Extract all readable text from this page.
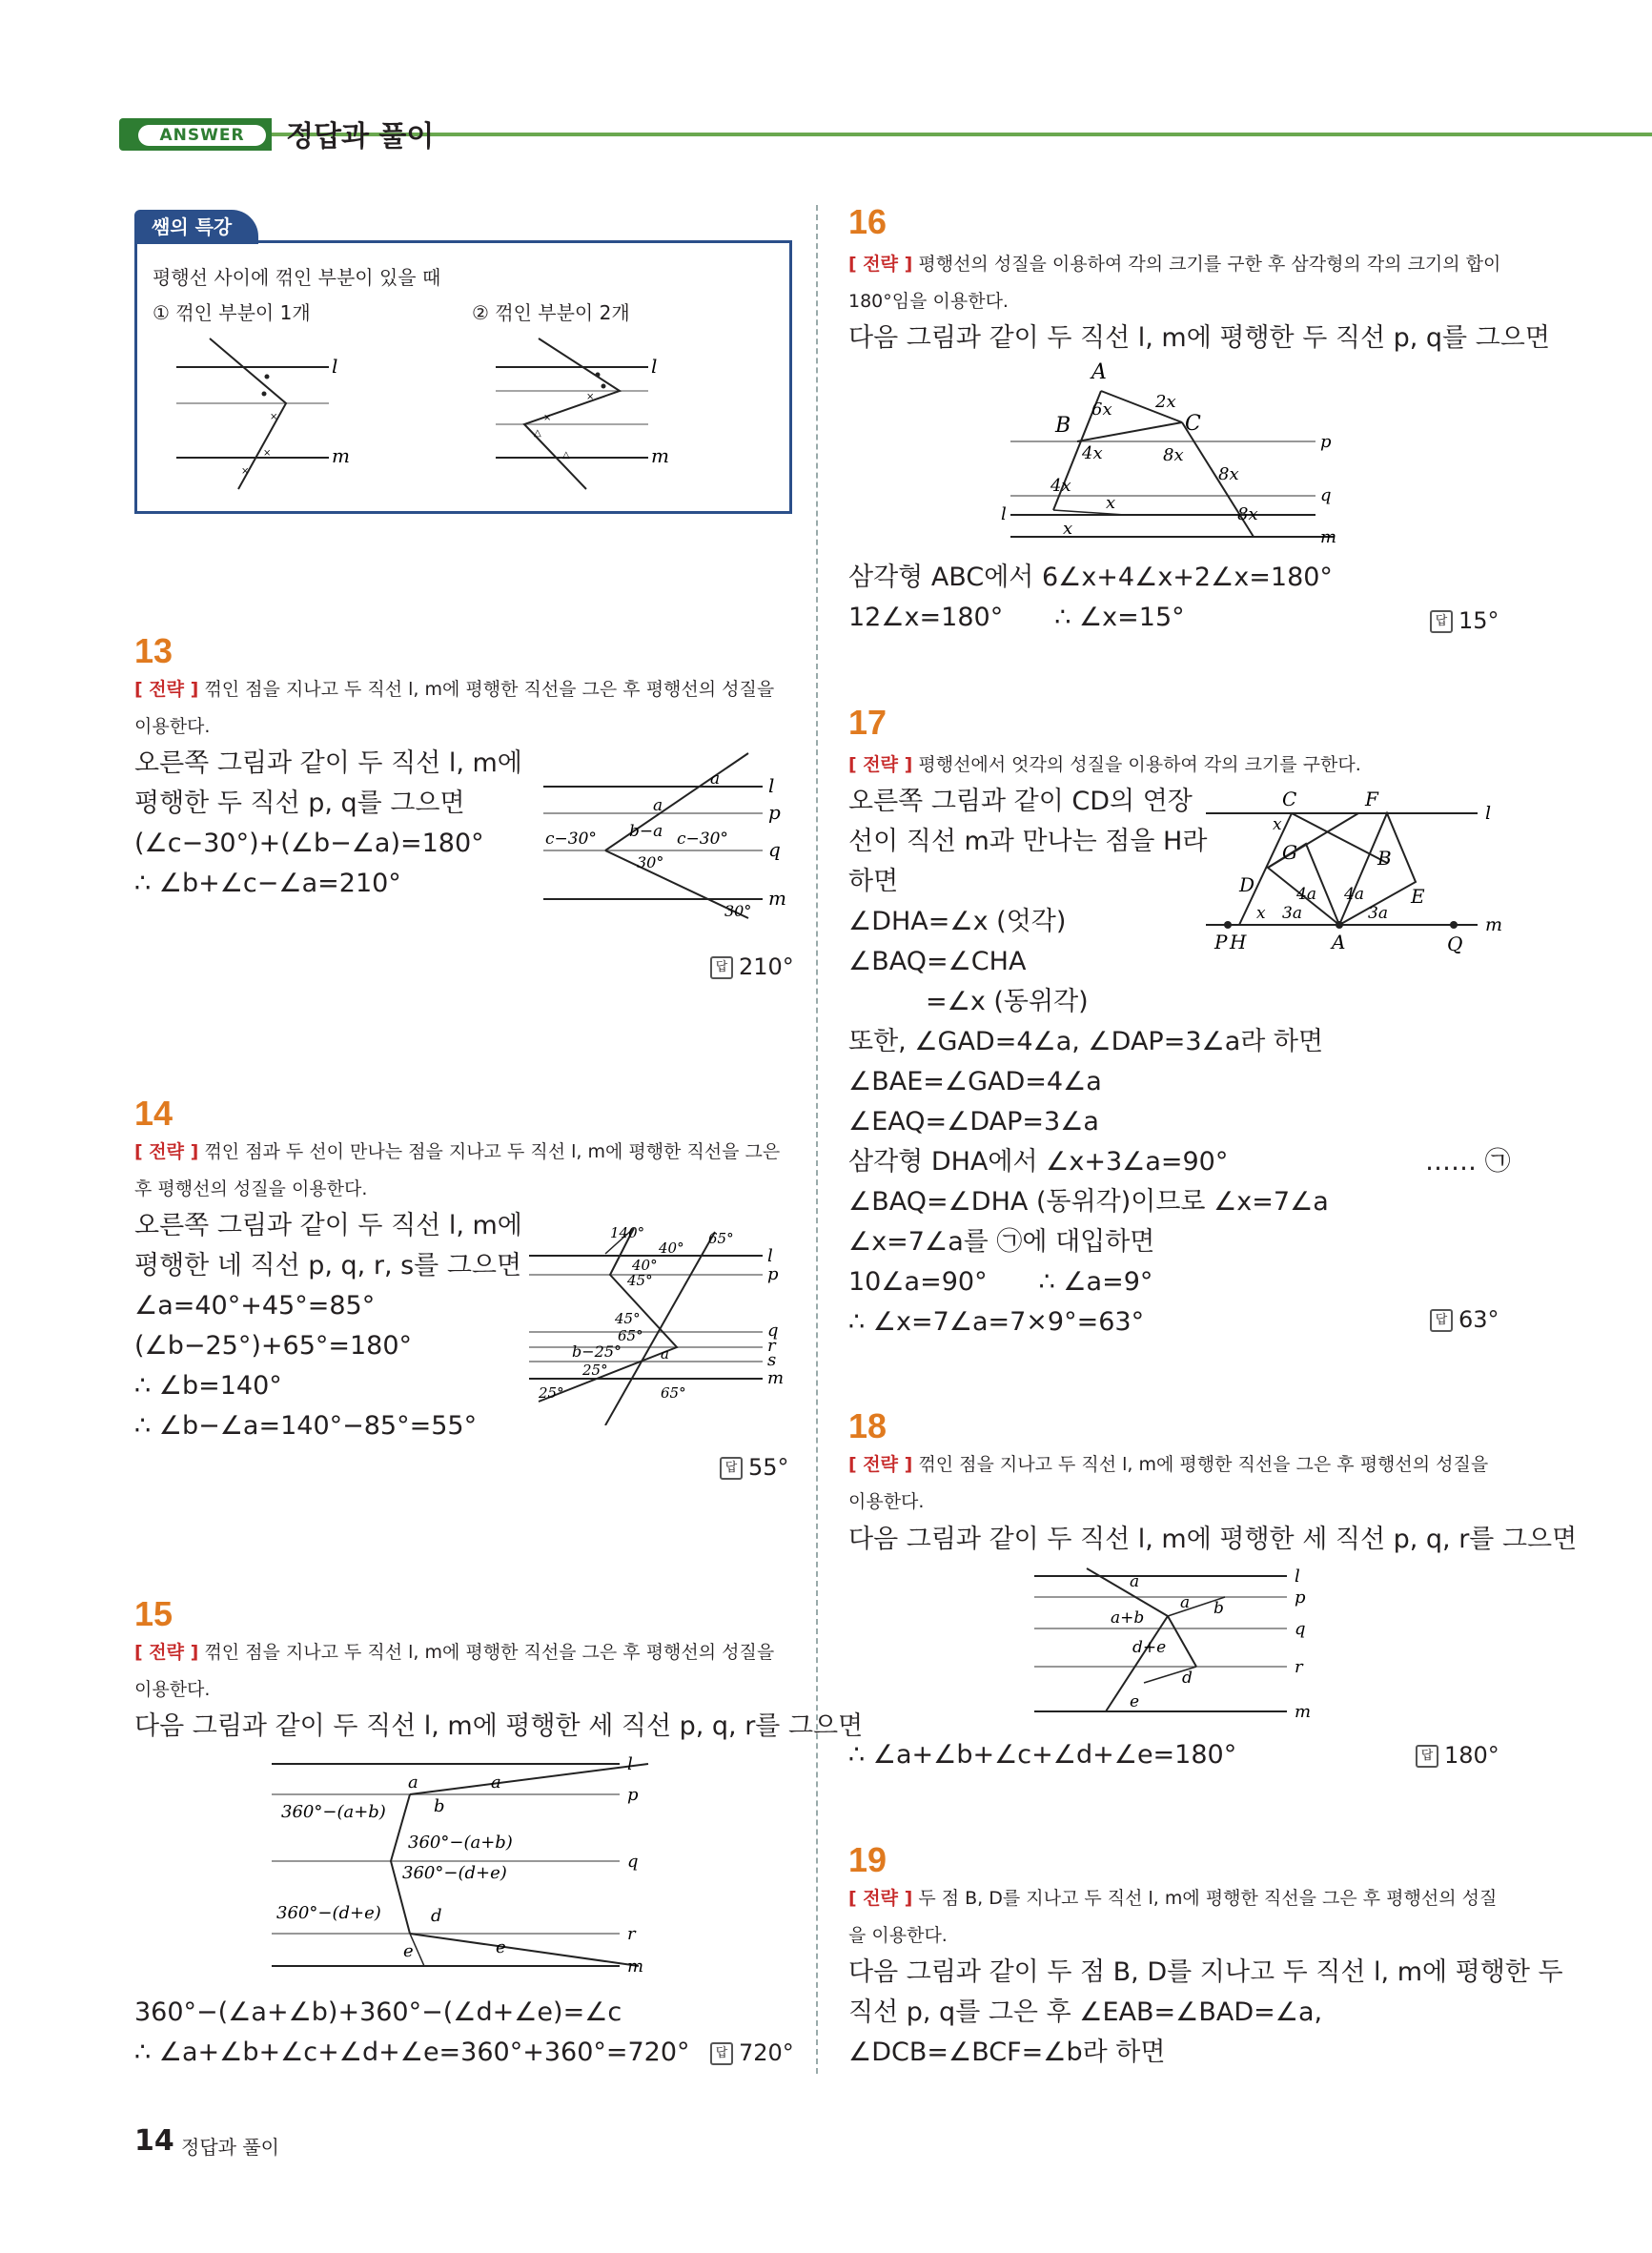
ANSWER	정답과 풀이
쌤의 특강
평행선 사이에 꺾인 부분이 있을 때
① 꺾인 부분이 1개	② 꺾인 부분이 2개
×
×
×
l
m
×
×
△
△
l
m
13
[ 전략 ] 꺾인 점을 지나고 두 직선 l, m에 평행한 직선을 그은 후 평행선의 성질을 이용한다.
오른쪽 그림과 같이 두 직선 l, m에
평행한 두 직선 p, q를 그으면
(∠c−30°)+(∠b−∠a)=180°
∴ ∠b+∠c−∠a=210°
a
a
b−a
c−30°	c−30°
30°
30°
l
p
q
m
답 210°
14
[ 전략 ] 꺾인 점과 두 선이 만나는 점을 지나고 두 직선 l, m에 평행한 직선을 그은 후 평행선의 성질을 이용한다.
오른쪽 그림과 같이 두 직선 l, m에
평행한 네 직선 p, q, r, s를 그으면
∠a=40°+45°=85°
(∠b−25°)+65°=180°
∴ ∠b=140°
∴ ∠b−∠a=140°−85°=55°
140°
40°
65°
40°
45°
45°
65°
b−25°
25°
25°	65°
a
l
p
q
r
s
m
답 55°
15
[ 전략 ] 꺾인 점을 지나고 두 직선 l, m에 평행한 직선을 그은 후 평행선의 성질을 이용한다.
다음 그림과 같이 두 직선 l, m에 평행한 세 직선 p, q, r를 그으면
a	a
b
360°−(a+b)
360°−(a+b)
360°−(d+e)
360°−(d+e)	d
e	e
l
p
q
r
m
360°−(∠a+∠b)+360°−(∠d+∠e)=∠c
∴ ∠a+∠b+∠c+∠d+∠e=360°+360°=720°	답 720°
16
[ 전략 ] 평행선의 성질을 이용하여 각의 크기를 구한 후 삼각형의 각의 크기의 합이 180°임을 이용한다.
다음 그림과 같이 두 직선 l, m에 평행한 두 직선 p, q를 그으면
A
B	C
6x	2x
4x	8x
8x
4x
8x
x
x
l
p
q
m
삼각형 ABC에서 6∠x+4∠x+2∠x=180°
12∠x=180°　　∴ ∠x=15°	답 15°
17
[ 전략 ] 평행선에서 엇각의 성질을 이용하여 각의 크기를 구한다.
오른쪽 그림과 같이 CD의 연장
선이 직선 m과 만나는 점을 H라
하면
∠DHA=∠x (엇각)
∠BAQ=∠CHA
　　　=∠x (동위각)
또한, ∠GAD=4∠a, ∠DAP=3∠a라 하면
∠BAE=∠GAD=4∠a
∠EAQ=∠DAP=3∠a
삼각형 DHA에서 ∠x+3∠a=90°
∠BAQ=∠DHA (동위각)이므로 ∠x=7∠a
∠x=7∠a를 ㉠에 대입하면
10∠a=90°　　∴ ∠a=9°
∴ ∠x=7∠a=7×9°=63°
…… ㉠
C	F
G	B
D	E
P H	A	Q
x
x
4a 4a
3a	3a
l
m
답 63°
18
[ 전략 ] 꺾인 점을 지나고 두 직선 l, m에 평행한 직선을 그은 후 평행선의 성질을 이용한다.
다음 그림과 같이 두 직선 l, m에 평행한 세 직선 p, q, r를 그으면
a
a b
a+b
d+e
d
e
l
p
q
r
m
∴ ∠a+∠b+∠c+∠d+∠e=180°	답 180°
19
[ 전략 ] 두 점 B, D를 지나고 두 직선 l, m에 평행한 직선을 그은 후 평행선의 성질을 이용한다.
다음 그림과 같이 두 점 B, D를 지나고 두 직선 l, m에 평행한 두
직선 p, q를 그은 후 ∠EAB=∠BAD=∠a,
∠DCB=∠BCF=∠b라 하면
14 정답과 풀이
